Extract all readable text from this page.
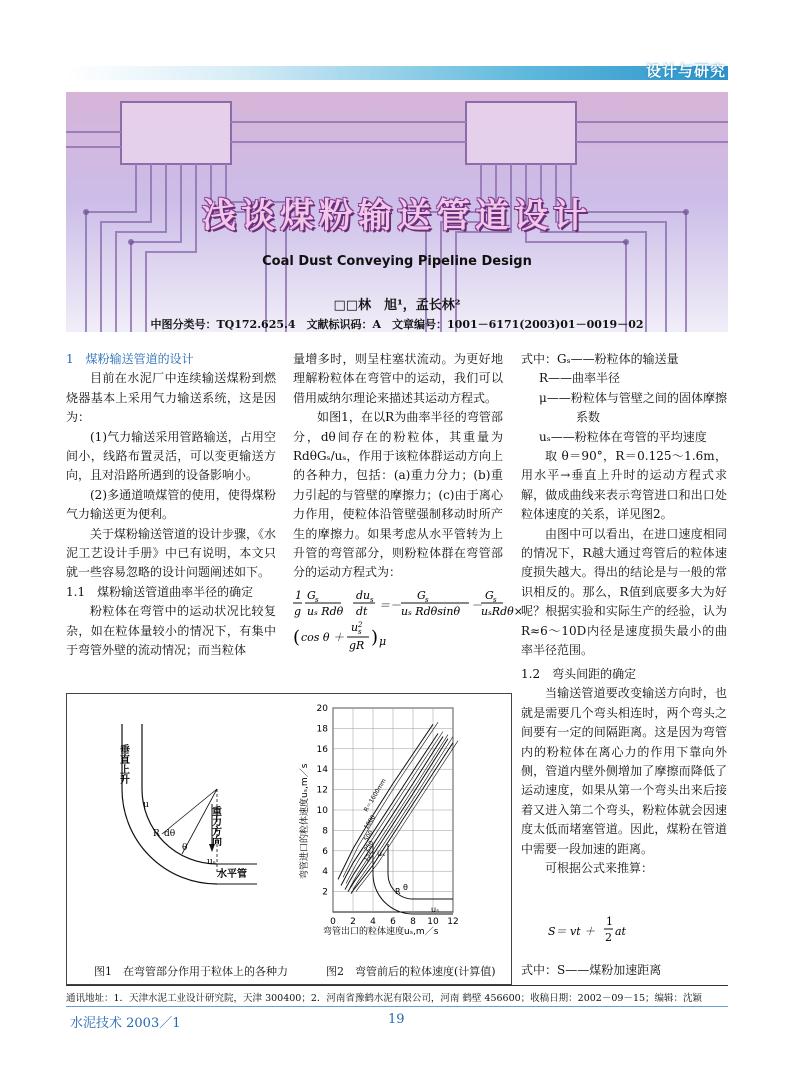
设计与研究
浅谈煤粉输送管道设计
Coal Dust Conveying Pipeline Design
□□林　旭¹，孟长林²
中图分类号：TQ172.625.4　文献标识码：A　文章编号：1001－6171(2003)01－0019－02

1　煤粉输送管道的设计

目前在水泥厂中连续输送煤粉到燃烧器基本上采用气力输送系统，这是因为：

(1)气力输送采用管路输送，占用空间小，线路布置灵活，可以变更输送方向，且对沿路所遇到的设备影响小。

(2)多通道喷煤管的使用，使得煤粉气力输送更为便利。

关于煤粉输送管道的设计步骤，《水泥工艺设计手册》中已有说明，本文只就一些容易忽略的设计问题阐述如下。

1.1　煤粉输送管道曲率半径的确定

粉粒体在弯管中的运动状况比较复杂，如在粒体量较小的情况下，有集中于弯管外壁的流动情况；而当粒体

量增多时，则呈柱塞状流动。为更好地理解粉粒体在弯管中的运动，我们可以借用威纳尔理论来描述其运动方程式。

如图1，在以R为曲率半径的弯管部分，dθ间存在的粉粒体，其重量为RdθGₛ/uₛ，作用于该粒体群运动方向上的各种力，包括：(a)重力分力；(b)重力引起的与管壁的摩擦力；(c)由于离心力作用，使粒体沿管壁强制移动时所产生的摩擦力。如果考虑从水平管转为上升管的弯管部分，则粉粒体群在弯管部分的运动方程式为：

1
g
G s
uₛ Rdθ
du s
dt ＝－
G s
uₛ Rdθsinθ －
G s
uₛRdθ×
( cos θ ＋
u 2
s
gR ) μ

式中：Gₛ——粉粒体的输送量

R——曲率半径

μ——粉粒体与管壁之间的固体摩擦系数

uₛ——粉粒体在弯管的平均速度

取 θ＝90°，R＝0.125～1.6m，用水平→垂直上升时的运动方程式求解，做成曲线来表示弯管进口和出口处粒体速度的关系，详见图2。

由图中可以看出，在进口速度相同的情况下，R越大通过弯管后的粒体速度损失越大。得出的结论是与一般的常识相反的。那么，R值到底要多大为好呢？根据实验和实际生产的经验，认为R≈6～10D内径是速度损失最小的曲率半径范围。

1.2　弯头间距的确定

当输送管道要改变输送方向时，也就是需要几个弯头相连时，两个弯头之间要有一定的间隔距离。这是因为弯管内的粉粒体在离心力的作用下靠向外侧，管道内壁外侧增加了摩擦而降低了运动速度，如果从第一个弯头出来后接着又进入第二个弯头，粉粒体就会因速度太低而堵塞管道。因此，煤粉在管道中需要一段加速的距离。

可根据公式来推算：

S＝ vt ＋
1
2 at

式中：S——煤粉加速距离

R dθ
θ
μ
uₛ
垂直上升
重力方向
水平管
R＝1600mm
1000
500
250
125
0 2 4 6 8 10 12
2
4
6
8
10
12
14
16
18
20
弯管出口的粒体速度uₛ,m／s
弯管进口的粒体速度uₛ,m／s	uₛ
R θ
uₛ
图1　在弯管部分作用于粒体上的各种力	图2　弯管前后的粒体速度(计算值)
通讯地址：1．天津水泥工业设计研究院，天津 300400；2．河南省豫鹤水泥有限公司，河南 鹤壁 456600；收稿日期：2002－09－15；编辑：沈颖
水泥技术 2003／1	19
